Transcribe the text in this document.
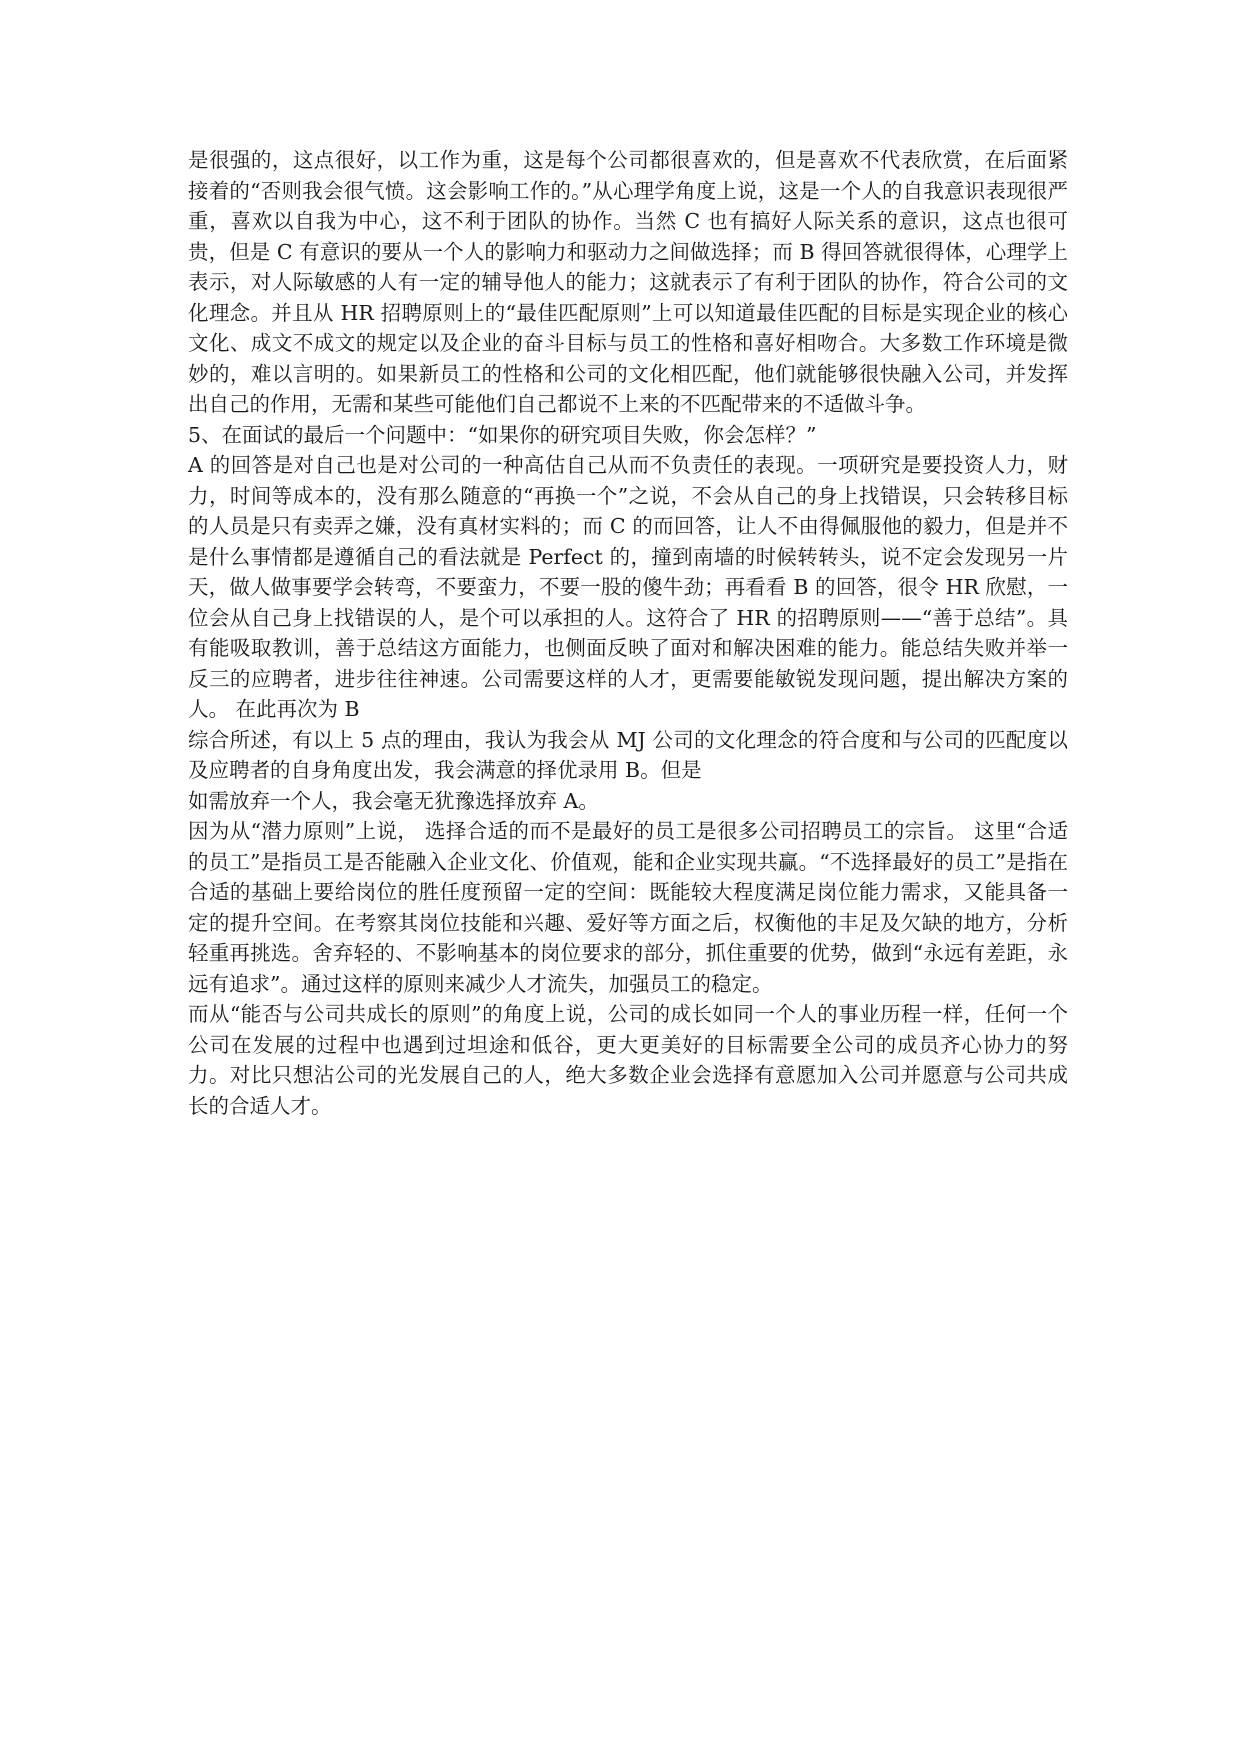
是很强的，这点很好，以工作为重，这是每个公司都很喜欢的，但是喜欢不代表欣赏，在后面紧接着的“否则我会很气愤。这会影响工作的。”从心理学角度上说，这是一个人的自我意识表现很严重，喜欢以自我为中心，这不利于团队的协作。当然 C 也有搞好人际关系的意识，这点也很可贵，但是 C 有意识的要从一个人的影响力和驱动力之间做选择；而 B 得回答就很得体，心理学上表示，对人际敏感的人有一定的辅导他人的能力；这就表示了有利于团队的协作，符合公司的文化理念。并且从 HR 招聘原则上的“最佳匹配原则”上可以知道最佳匹配的目标是实现企业的核心文化、成文不成文的规定以及企业的奋斗目标与员工的性格和喜好相吻合。大多数工作环境是微妙的，难以言明的。如果新员工的性格和公司的文化相匹配，他们就能够很快融入公司，并发挥出自己的作用，无需和某些可能他们自己都说不上来的不匹配带来的不适做斗争。

5、在面试的最后一个问题中：“如果你的研究项目失败，你会怎样？”

A 的回答是对自己也是对公司的一种高估自己从而不负责任的表现。一项研究是要投资人力，财力，时间等成本的，没有那么随意的“再换一个”之说，不会从自己的身上找错误，只会转移目标的人员是只有卖弄之嫌，没有真材实料的；而 C 的而回答，让人不由得佩服他的毅力，但是并不是什么事情都是遵循自己的看法就是 Perfect 的，撞到南墙的时候转转头，说不定会发现另一片天，做人做事要学会转弯，不要蛮力，不要一股的傻牛劲；再看看 B 的回答，很令 HR 欣慰，一位会从自己身上找错误的人，是个可以承担的人。这符合了 HR 的招聘原则——“善于总结”。具有能吸取教训，善于总结这方面能力，也侧面反映了面对和解决困难的能力。能总结失败并举一反三的应聘者，进步往往神速。公司需要这样的人才，更需要能敏锐发现问题，提出解决方案的人。 在此再次为 B

综合所述，有以上 5 点的理由，我认为我会从 MJ 公司的文化理念的符合度和与公司的匹配度以及应聘者的自身角度出发，我会满意的择优录用 B。但是

如需放弃一个人，我会毫无犹豫选择放弃 A。

因为从“潜力原则”上说， 选择合适的而不是最好的员工是很多公司招聘员工的宗旨。 这里“合适的员工”是指员工是否能融入企业文化、价值观，能和企业实现共赢。“不选择最好的员工”是指在合适的基础上要给岗位的胜任度预留一定的空间：既能较大程度满足岗位能力需求，又能具备一定的提升空间。在考察其岗位技能和兴趣、爱好等方面之后，权衡他的丰足及欠缺的地方，分析轻重再挑选。舍弃轻的、不影响基本的岗位要求的部分，抓住重要的优势，做到“永远有差距，永远有追求”。通过这样的原则来减少人才流失，加强员工的稳定。

而从“能否与公司共成长的原则”的角度上说，公司的成长如同一个人的事业历程一样，任何一个公司在发展的过程中也遇到过坦途和低谷，更大更美好的目标需要全公司的成员齐心协力的努力。对比只想沾公司的光发展自己的人，绝大多数企业会选择有意愿加入公司并愿意与公司共成长的合适人才。
